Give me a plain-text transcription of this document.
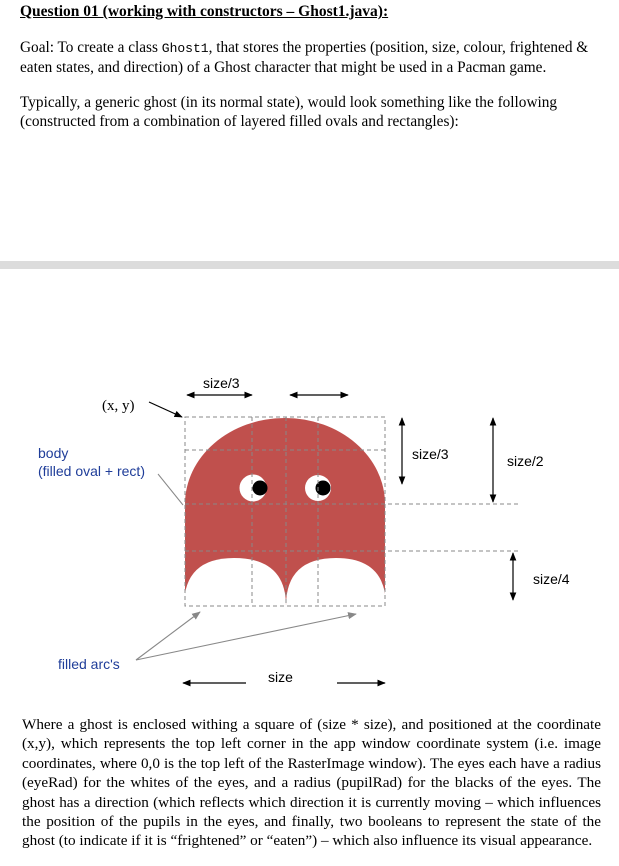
Question 01 (working with constructors – Ghost1.java):
Goal: To create a class Ghost1, that stores the properties (position, size, colour, frightened & eaten states, and direction) of a Ghost character that might be used in a Pacman game.
Typically, a generic ghost (in its normal state), would look something like the following (constructed from a combination of layered filled ovals and rectangles):
(x, y)
body
(filled oval + rect)
filled arc's
size/3
size/3	size/2
size/4
size
Where a ghost is enclosed withing a square of (size * size), and positioned at the coordinate (x,y), which represents the top left corner in the app window coordinate system (i.e. image coordinates, where 0,0 is the top left of the RasterImage window). The eyes each have a radius (eyeRad) for the whites of the eyes, and a radius (pupilRad) for the blacks of the eyes. The ghost has a direction (which reflects which direction it is currently moving – which influences the position of the pupils in the eyes, and finally, two booleans to represent the state of the ghost (to indicate if it is “frightened” or “eaten”) – which also influence its visual appearance.
